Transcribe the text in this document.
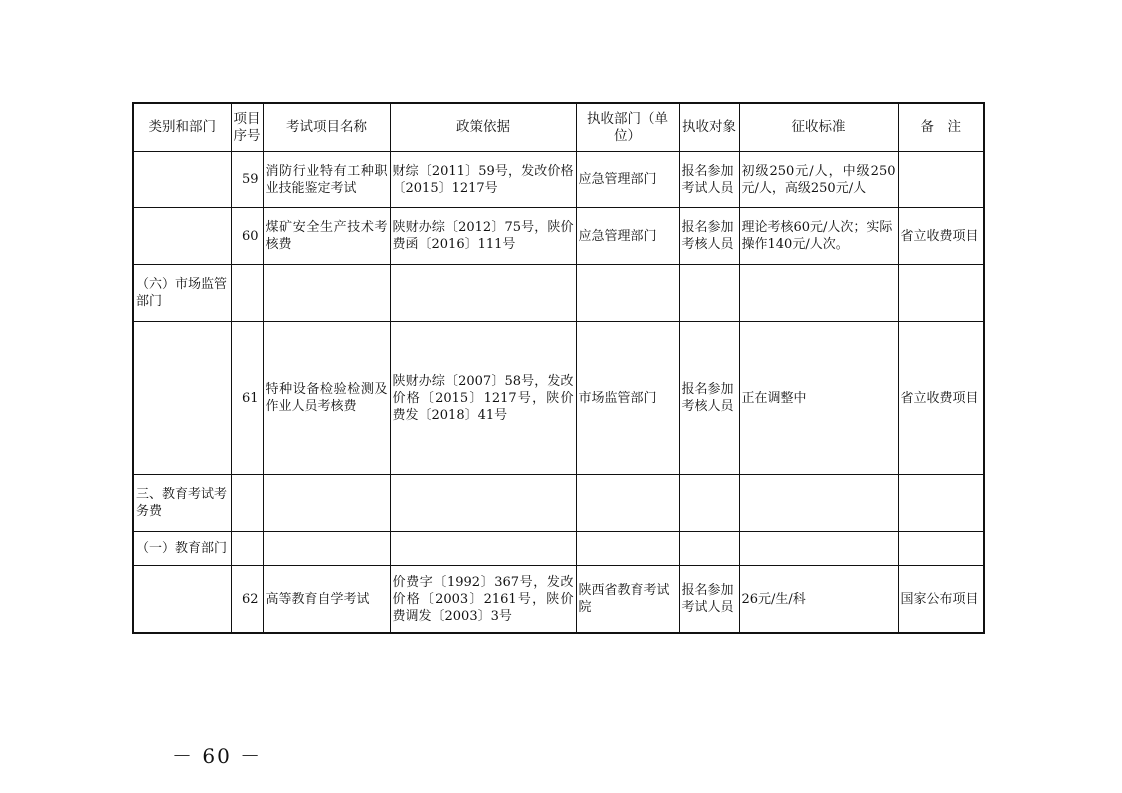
类别和部门	项目序号	考试项目名称	政策依据	执收部门（单位）	执收对象	征收标准	备　注
	59	消防行业特有工种职业技能鉴定考试	财综〔2011〕59号，发改价格〔2015〕1217号	应急管理部门	报名参加考试人员	初级250元/人，中级250元/人，高级250元/人	
	60	煤矿安全生产技术考核费	陕财办综〔2012〕75号，陕价费函〔2016〕111号	应急管理部门	报名参加考核人员	理论考核60元/人次；实际操作140元/人次。	省立收费项目
（六）市场监管部门							
	61	特种设备检验检测及作业人员考核费	陕财办综〔2007〕58号，发改价格〔2015〕1217号，陕价费发〔2018〕41号	市场监管部门	报名参加考核人员	正在调整中	省立收费项目
三、教育考试考务费							
（一）教育部门							
	62	高等教育自学考试	价费字〔1992〕367号，发改价格〔2003〕2161号，陕价费调发〔2003〕3号	陕西省教育考试院	报名参加考试人员	26元/生/科	国家公布项目
－ 60 －
